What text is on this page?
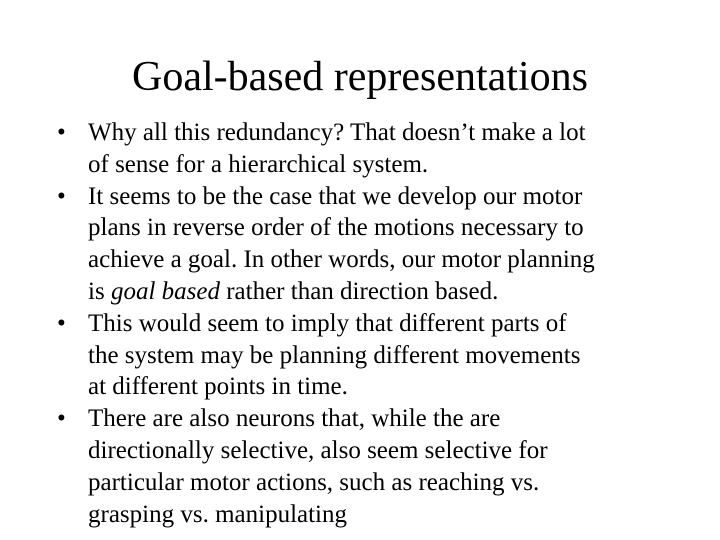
Goal-based representations
• Why all this redundancy? That doesn’t make a lot
of sense for a hierarchical system.
• It seems to be the case that we develop our motor
plans in reverse order of the motions necessary to
achieve a goal. In other words, our motor planning
is goal based rather than direction based.
• This would seem to imply that different parts of
the system may be planning different movements
at different points in time.
• There are also neurons that, while the are
directionally selective, also seem selective for
particular motor actions, such as reaching vs.
grasping vs. manipulating
